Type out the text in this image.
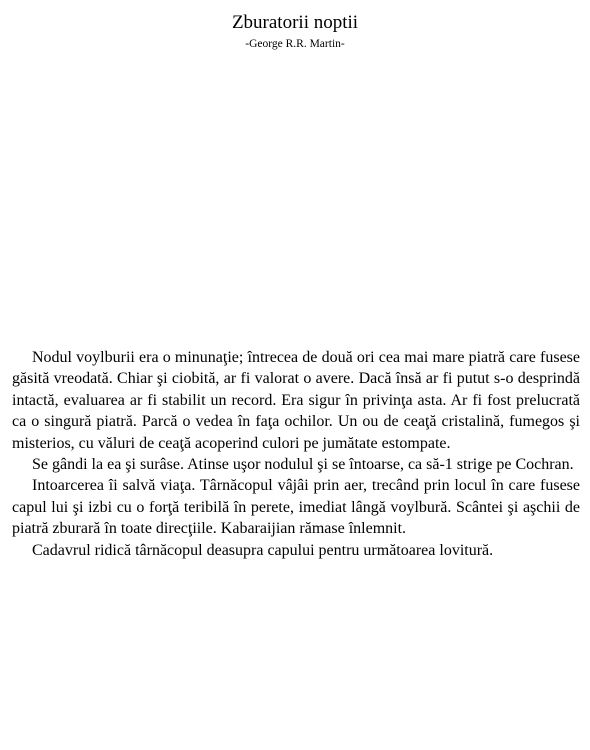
Zburatorii noptii
-George R.R. Martin-

Nodul voylburii era o minunaţie; întrecea de două ori cea mai mare piatră care fusese găsită vreodată. Chiar şi ciobită, ar fi valorat o avere. Dacă însă ar fi putut s-o desprindă intactă, evaluarea ar fi stabilit un record. Era sigur în privinţa asta. Ar fi fost prelucrată ca o singură piatră. Parcă o vedea în faţa ochilor. Un ou de ceaţă cristalină, fumegos şi misterios, cu văluri de ceaţă acoperind culori pe jumătate estompate.

Se gândi la ea şi surâse. Atinse uşor nodulul şi se întoarse, ca să-1 strige pe Cochran.

Intoarcerea îi salvă viaţa. Târnăcopul vâjâi prin aer, trecând prin locul în care fusese capul lui şi izbi cu o forţă teribilă în perete, imediat lângă voylbură. Scântei şi aşchii de piatră zburară în toate direcţiile. Kabaraijian rămase înlemnit.

Cadavrul ridică târnăcopul deasupra capului pentru următoarea lovitură.
